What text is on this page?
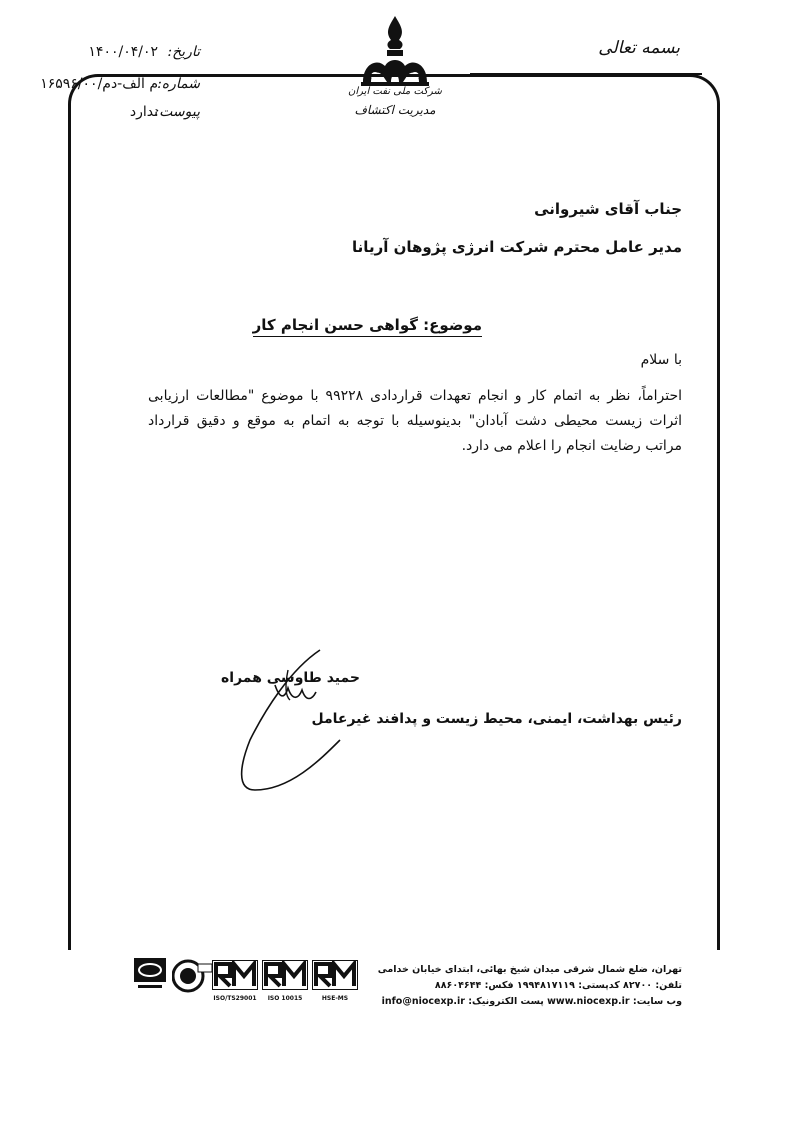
بسمه تعالی
تاریخ:
۱۴۰۰/۰۴/۰۲
شماره:
م الف-دم/۱۶۵۹۶/۰۰
پیوست:
ندارد
شرکت ملی نفت ایران
مدیریت اکتشاف
جناب آقای شیروانی
مدیر عامل محترم شرکت انرژی پژوهان آریانا
موضوع: گواهی حسن انجام کار
با سلام
احتراماً، نظر به اتمام کار و انجام تعهدات قراردادی ۹۹۲۲۸ با موضوع "مطالعات ارزیابی اثرات زیست محیطی دشت آبادان" بدینوسیله با توجه به اتمام به موقع و دقیق قرارداد مراتب رضایت انجام را اعلام می دارد.
حمید طاوسی همراه
رئیس بهداشت، ایمنی، محیط زیست و پدافند غیرعامل
تهران، ضلع شمال شرقی میدان شیخ بهائی، ابتدای خیابان خدامی
تلفن: ۸۲۷۰۰ کدپستی: ۱۹۹۴۸۱۷۱۱۹ فکس: ۸۸۶۰۴۶۴۴
وب سایت: www.niocexp.ir پست الکترونیک: info@niocexp.ir
ISO/TS29001	ISO 10015	HSE-MS
